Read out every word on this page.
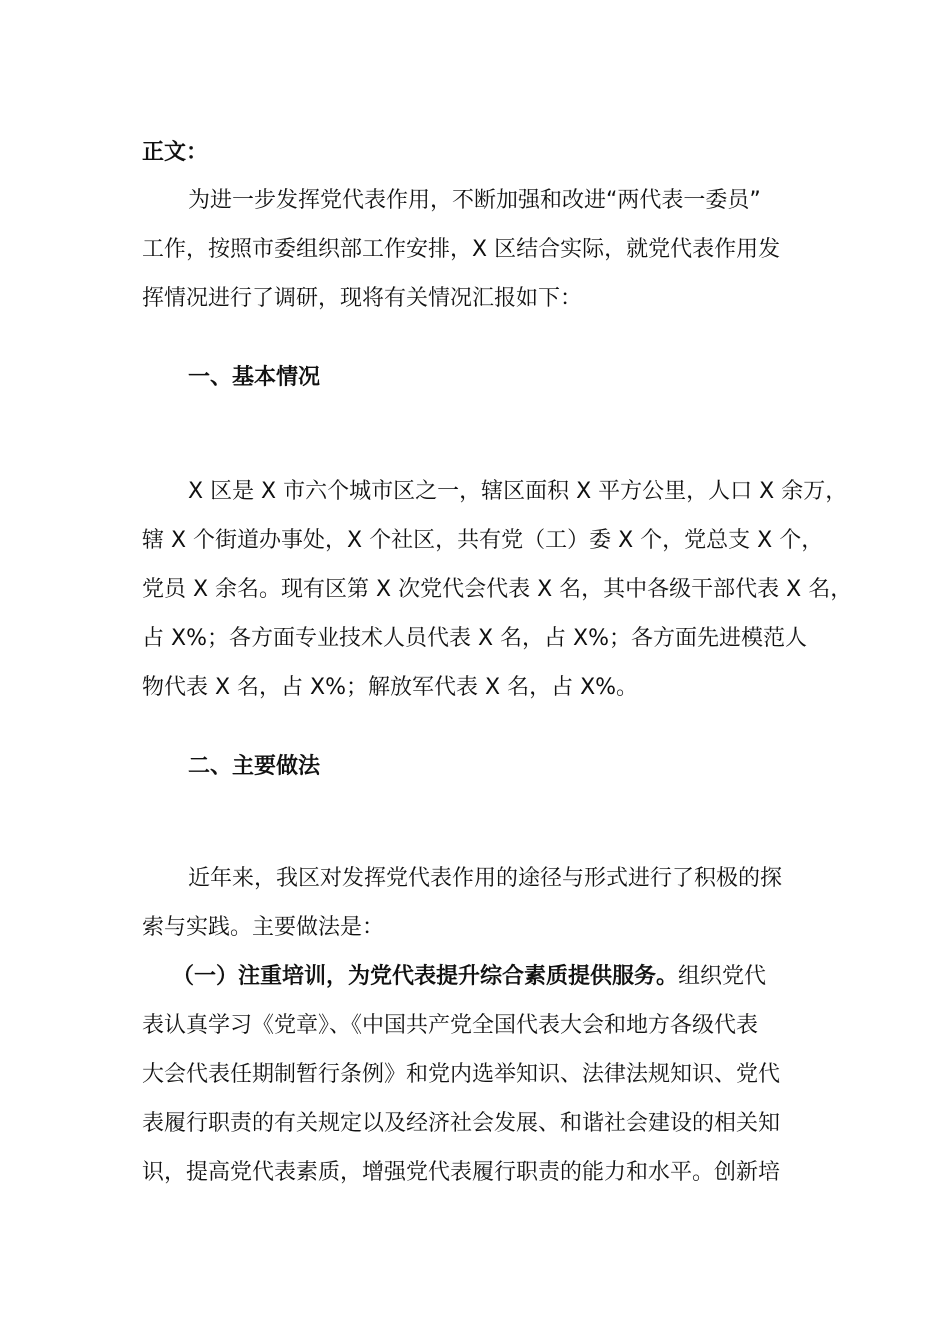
正文：

为进一步发挥党代表作用，不断加强和改进“两代表一委员”

工作，按照市委组织部工作安排，X 区结合实际，就党代表作用发

挥情况进行了调研，现将有关情况汇报如下：

一、基本情况

X 区是 X 市六个城市区之一，辖区面积 X 平方公里，人口 X 余万，

辖 X 个街道办事处，X 个社区，共有党（工）委 X 个，党总支 X 个，

党员 X 余名。现有区第 X 次党代会代表 X 名，其中各级干部代表 X 名，

占 X%；各方面专业技术人员代表 X 名，占 X%；各方面先进模范人

物代表 X 名，占 X%；解放军代表 X 名，占 X%。

二、主要做法

近年来，我区对发挥党代表作用的途径与形式进行了积极的探

索与实践。主要做法是：

（一）注重培训，为党代表提升综合素质提供服务。组织党代

表认真学习《党章》、《中国共产党全国代表大会和地方各级代表

大会代表任期制暂行条例》和党内选举知识、法律法规知识、党代

表履行职责的有关规定以及经济社会发展、和谐社会建设的相关知

识，提高党代表素质，增强党代表履行职责的能力和水平。创新培
